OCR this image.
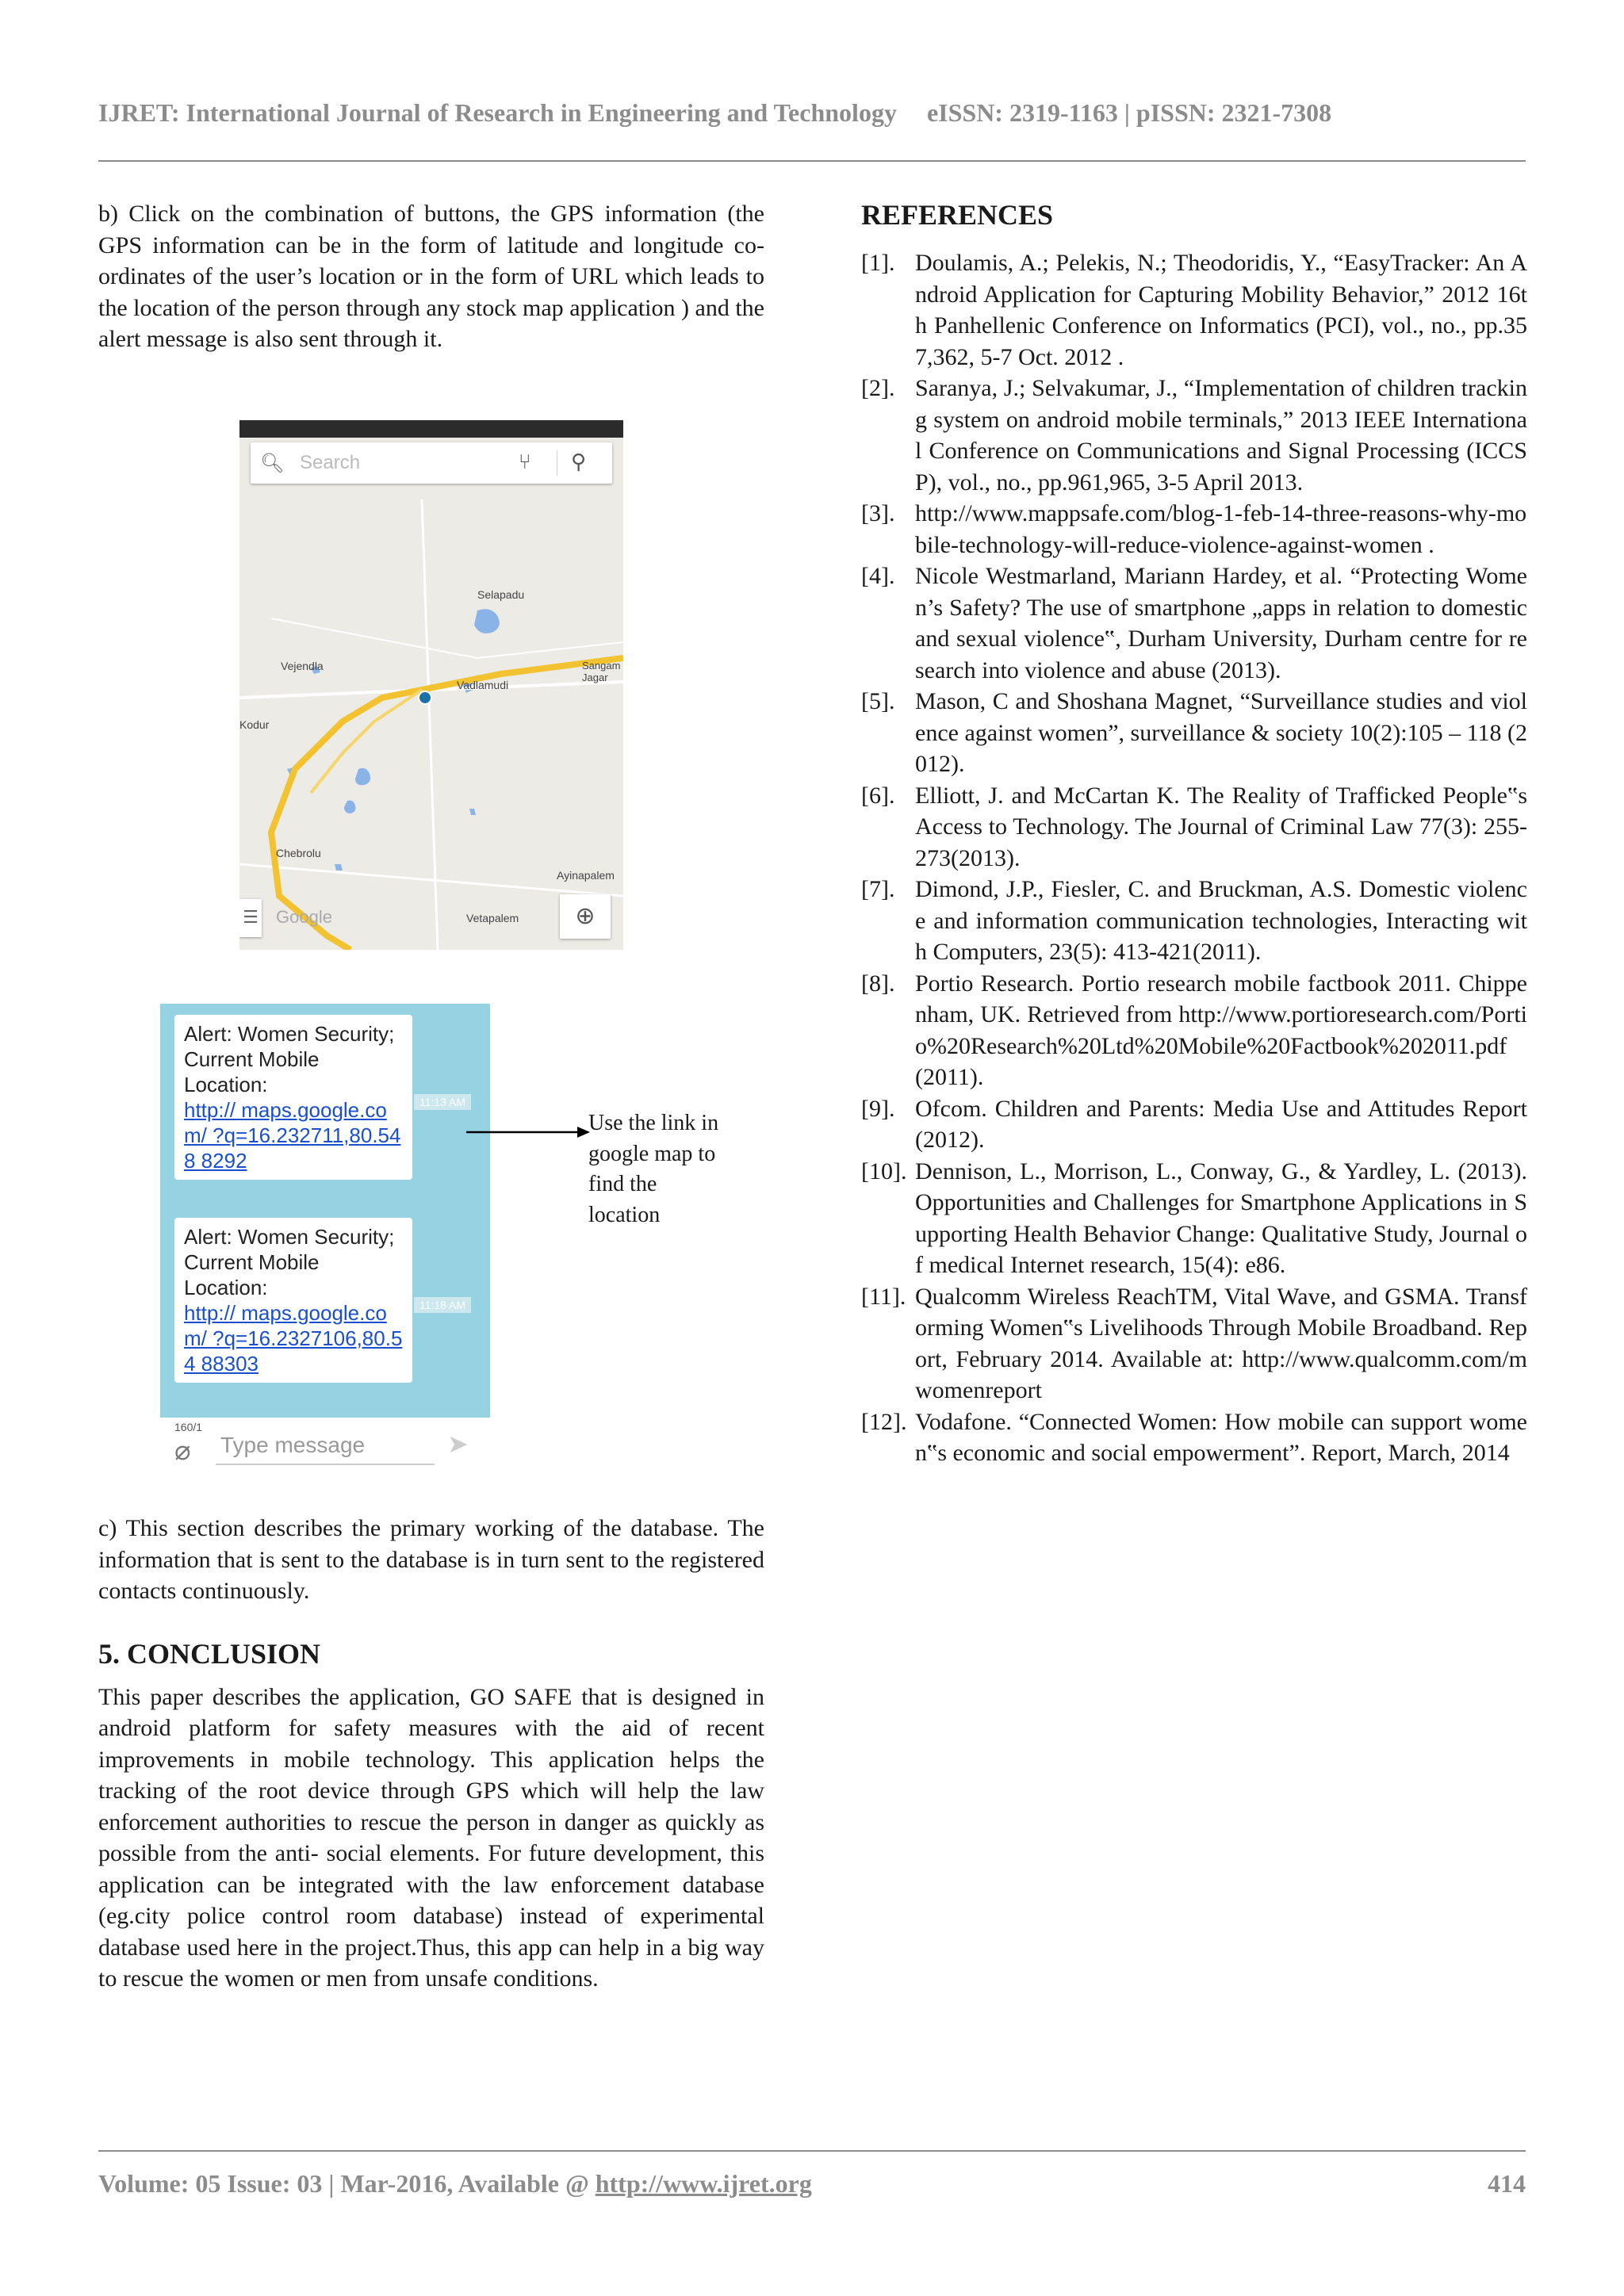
IJRET: International Journal of Research in Engineering and Technology eISSN: 2319-1163 | pISSN: 2321-7308

b) Click on the combination of buttons, the GPS information (the GPS information can be in the form of latitude and longitude co-ordinates of the user’s location or in the form of URL which leads to the location of the person through any stock map application ) and the alert message is also sent through it.

🔍︎ Search	⑂ ⚲
Selapadu
Vejendla
Vadlamudi
Sangam Jagar
Kodur
Chebrolu
Ayinapalem
Vetapalem
☰ Google	⊕
Alert: Women Security; Current Mobile Location:
http:// maps.google.com/ ?q=16.232711,80.548 8292
11:13 AM
Alert: Women Security; Current Mobile Location:
http:// maps.google.com/ ?q=16.2327106,80.54 88303
11:18 AM
160/1
⌀ Type message	➤
Use the link in google map to find the location

c) This section describes the primary working of the database. The information that is sent to the database is in turn sent to the registered contacts continuously.

5. CONCLUSION

This paper describes the application, GO SAFE that is designed in android platform for safety measures with the aid of recent improvements in mobile technology. This application helps the tracking of the root device through GPS which will help the law enforcement authorities to rescue the person in danger as quickly as possible from the anti- social elements. For future development, this application can be integrated with the law enforcement database (eg.city police control room database) instead of experimental database used here in the project.Thus, this app can help in a big way to rescue the women or men from unsafe conditions.

REFERENCES
[1]. Doulamis, A.; Pelekis, N.; Theodoridis, Y., “EasyTracker: An Android Application for Capturing Mobility Behavior,” 2012 16th Panhellenic Conference on Informatics (PCI), vol., no., pp.357,362, 5-7 Oct. 2012 .
[2]. Saranya, J.; Selvakumar, J., “Implementation of children tracking system on android mobile terminals,” 2013 IEEE International Conference on Communications and Signal Processing (ICCSP), vol., no., pp.961,965, 3-5 April 2013.
[3]. http://www.mappsafe.com/blog-1-feb-14-three-reasons-why-mobile-technology-will-reduce-violence-against-women .
[4]. Nicole Westmarland, Mariann Hardey, et al. “Protecting Women’s Safety? The use of smartphone „apps in relation to domestic and sexual violence‟, Durham University, Durham centre for research into violence and abuse (2013).
[5]. Mason, C and Shoshana Magnet, “Surveillance studies and violence against women”, surveillance & society 10(2):105 – 118 (2012).
[6]. Elliott, J. and McCartan K. The Reality of Trafficked People‟s Access to Technology. The Journal of Criminal Law 77(3): 255-273(2013).
[7]. Dimond, J.P., Fiesler, C. and Bruckman, A.S. Domestic violence and information communication technologies, Interacting with Computers, 23(5): 413-421(2011).
[8]. Portio Research. Portio research mobile factbook 2011. Chippenham, UK. Retrieved from http://www.portioresearch.com/Portio%20Research%20Ltd%20Mobile%20Factbook%202011.pdf (2011).
[9]. Ofcom. Children and Parents: Media Use and Attitudes Report (2012).
[10]. Dennison, L., Morrison, L., Conway, G., & Yardley, L. (2013).Opportunities and Challenges for Smartphone Applications in Supporting Health Behavior Change: Qualitative Study, Journal of medical Internet research, 15(4): e86.
[11]. Qualcomm Wireless ReachTM, Vital Wave, and GSMA. Transforming Women‟s Livelihoods Through Mobile Broadband. Report, February 2014. Available at: http://www.qualcomm.com/mwomenreport
[12]. Vodafone. “Connected Women: How mobile can support women‟s economic and social empowerment”. Report, March, 2014
Volume: 05 Issue: 03 | Mar-2016, Available @ http://www.ijret.org	414
